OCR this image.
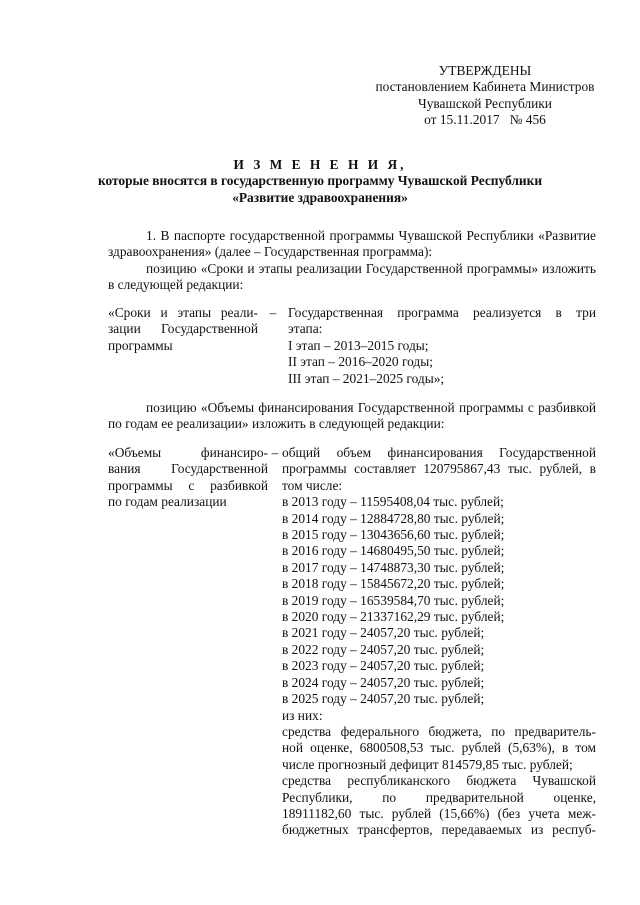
УТВЕРЖДЕНЫ
постановлением Кабинета Министров
Чувашской Республики
от 15.11.2017   № 456
И З М Е Н Е Н И Я,
которые вносятся в государственную программу Чувашской Республики
«Развитие здравоохранения»

1. В паспорте государственной программы Чувашской Республики «Развитие здравоохранения» (далее – Государственная программа):

позицию «Сроки и этапы реализации Государственной программы» изложить в следующей редакции:

«Сроки и этапы реали-
зации Государственной
программы
– Государственная программа реализуется в три
этапа:
I этап – 2013–2015 годы;
II этап – 2016–2020 годы;
III этап – 2021–2025 годы»;

позицию «Объемы финансирования Государственной программы с разбивкой по годам ее реализации» изложить в следующей редакции:

«Объемы финансиро-
вания Государственной
программы с разбивкой
по годам реализации
– общий объем финансирования Государственной
программы составляет 120795867,43 тыс. рублей, в
том числе:
в 2013 году – 11595408,04 тыс. рублей;
в 2014 году – 12884728,80 тыс. рублей;
в 2015 году – 13043656,60 тыс. рублей;
в 2016 году – 14680495,50 тыс. рублей;
в 2017 году – 14748873,30 тыс. рублей;
в 2018 году – 15845672,20 тыс. рублей;
в 2019 году – 16539584,70 тыс. рублей;
в 2020 году – 21337162,29 тыс. рублей;
в 2021 году – 24057,20 тыс. рублей;
в 2022 году – 24057,20 тыс. рублей;
в 2023 году – 24057,20 тыс. рублей;
в 2024 году – 24057,20 тыс. рублей;
в 2025 году – 24057,20 тыс. рублей;
из них:
средства федерального бюджета, по предваритель-
ной оценке, 6800508,53 тыс. рублей (5,63%), в том
числе прогнозный дефицит 814579,85 тыс. рублей;
средства республиканского бюджета Чувашской
Республики, по предварительной оценке,
18911182,60 тыс. рублей (15,66%) (без учета меж-
бюджетных трансфертов, передаваемых из респуб-
